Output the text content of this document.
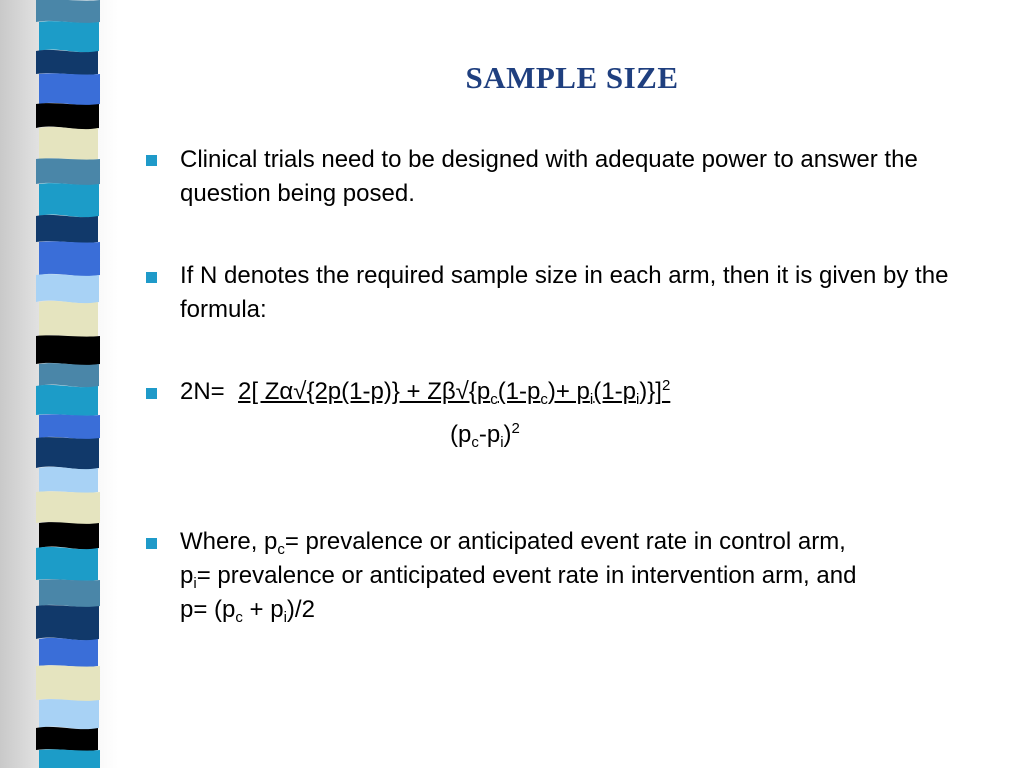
SAMPLE SIZE
Clinical trials need to be designed with adequate power to answer the question being posed.
If N denotes the required sample size in each arm, then it is given by the formula:
2N= 2[ $Z\alpha√\{2p(1-p)\} + Z\beta√\{p_c(1-p_c)+ p_i(1-p_i)\}]^2$
$(p_c-p_i)^2$
Where, $p_c=$ prevalence or anticipated event rate in control arm,
$p_i=$ prevalence or anticipated event rate in intervention arm, and
$p= (p_c + p_i)/2$
